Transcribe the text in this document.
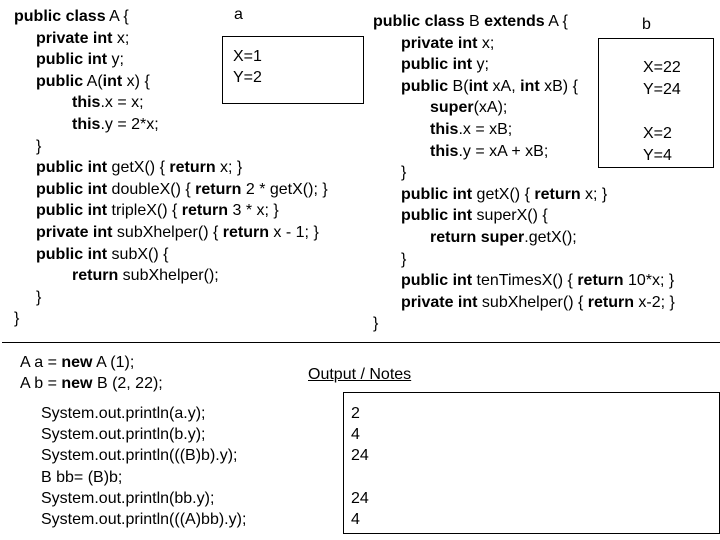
public class A {
private int x;
public int y;
public A(int x) {
this.x = x;
this.y = 2*x;
}
public int getX() { return x; }
public int doubleX() { return 2 * getX(); }
public int tripleX() { return 3 * x; }
private int subXhelper() { return x - 1; }
public int subX() {
return subXhelper();
}
}
a
X=1
Y=2
public class B extends A {
private int x;
public int y;
public B(int xA, int xB) {
super(xA);
this.x = xB;
this.y = xA + xB;
}
public int getX() { return x; }
public int superX() {
return super.getX();
}
public int tenTimesX() { return 10*x; }
private int subXhelper() { return x-2; }
}
b
X=22
Y=24
X=2
Y=4
A a = new A (1);
A b = new B (2, 22);
Output / Notes
System.out.println(a.y);
System.out.println(b.y);
System.out.println(((B)b).y);
B bb= (B)b;
System.out.println(bb.y);
System.out.println(((A)bb).y);
2
4
24
24
4
